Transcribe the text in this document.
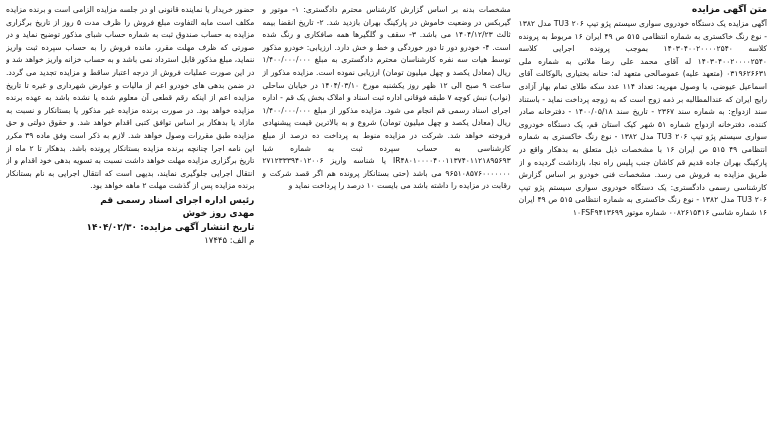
متن آگهی مزایده

آگهی مزایده یک دستگاه خودروی سواری سیستم پژو تیپ TU3 ۲۰۶ مدل ۱۳۸۲ - نوع رنگ خاکستری به شماره انتظامی ۵۱۵ ص ۴۹ ایران ۱۶ مربوط به پرونده کلاسه ۱۴۰۳۰۴۰۰۲۰۰۰۰۲۵۴۰ بموجب پرونده اجرایی کلاسه ۱۴۰۳۰۴۰۰۲۰۰۰۰۲۵۴۰ له آقای محمد علی رضا ملاتی به شماره ملی ۰۳۱۹۶۲۶۶۳۱ (متعهد علیه) عموصالحی متعهد له: حنانه بختیاری بالوکالت آقای اسماعیل عیوضی، با وصول مهریه: تعداد ۱۱۴ عدد سکه طلای تمام بهار آزادی رایج ایران که عندالمطالبه بر ذمه زوج است که به زوجه پرداخت نماید - باستناد سند ازدواج: به شماره سند ۲۳۶۷ - تاریخ سند ۱۴۰۰/۰۵/۱۸ - دفترخانه صادر کننده، دفترخانه ازدواج شماره ۵۱ شهر کیک استان قم، یک دستگاه خودروی سواری سیستم پژو تیپ TU3 ۲۰۶ مدل ۱۳۸۲ - نوع رنگ خاکستری به شماره انتظامی ۴۹ ۵۱۵ ص ایران ۱۶ با مشخصات ذیل متعلق به بدهکار واقع در پارکینگ بهران جاده قدیم قم کاشان جنب پلیس راه نجا، بازداشت گردیده و از طریق مزایده به فروش می رسد. مشخصات فنی خودرو بر اساس گزارش کارشناسی رسمی دادگستری: یک دستگاه خودروی سواری سیستم پژو تیپ TU3 ۲۰۶ مدل ۱۳۸۲ - نوع رنگ خاکستری به شماره انتظامی ۵۱۵ ص ۴۹ ایران ۱۶ شماره شاسی ۰۰۸۲۶۱۵۴۱۶ شماره موتور ۱۰FSF۹۴۱۳۶۹۹

مشخصات بدنه بر اساس گزارش کارشناس محترم دادگستری: ۱- موتور و گیربکس در وضعیت خاموش در پارکینگ بهران بازدید شد. ۲- تاریخ انقضا بیمه ثالث ۱۴۰۴/۱۲/۲۳ می باشد. ۳- سقف و گلگیرها همه صافکاری و رنگ شده است. ۴- خودرو دور تا دور خوردگی و خط و خش دارد. ارزیابی: خودرو مذکور توسط هیات سه نفره کارشناسان محترم دادگستری به مبلغ ۱/۴۰۰/۰۰۰/۰۰۰ ریال (معادل یکصد و چهل میلیون تومان) ارزیابی نموده است. مزایده مذکور از ساعت ۹ صبح الی ۱۲ ظهر روز یکشنبه مورخ ۱۴۰۴/۰۳/۱۰ در خیابان ساحلی (نواب) نبش کوچه ۷ طبقه فوقانی اداره ثبت اسناد و املاک بخش یک قم - اداره اجرای اسناد رسمی قم انجام می شود. مزایده مذکور از مبلغ ۱/۴۰۰/۰۰۰/۰۰۰ ریال (معادل یکصد و چهل میلیون تومان) شروع و به بالاترین قیمت پیشنهادی فروخته خواهد شد. شرکت در مزایده منوط به پرداخت ده درصد از مبلغ کارشناسی به حساب سپرده ثبت به شماره شبا IR۴۸۰۱۰۰۰۰۴۰۰۱۱۳۷۴۰۱۱۲۱۸۹۵۶۹۳ یا شناسه واریز ۲۷۱۲۳۳۳۹۴۰۱۲۰۰۶ ۹۶۵۱۰۸۵۷۶۰۰۰۰۰۰۰ می باشد (حتی بستانکار پرونده هم اگر قصد شرکت و رقابت در مزایده را داشته باشد می بایست ۱۰ درصد را پرداخت نماید و

حضور خریدار یا نماینده قانونی او در جلسه مزایده الزامی است و برنده مزایده مکلف است مابه التفاوت مبلغ فروش را ظرف مدت ۵ روز از تاریخ برگزاری مزایده به حساب صندوق ثبت به شماره حساب شبای مذکور توضیح نماید و در صورتی که ظرف مهلت مقرر، مانده فروش را به حساب سپرده ثبت واریز ننماید، مبلغ مذکور قابل استرداد نمی باشد و به حساب خزانه واریز خواهد شد و در این صورت عملیات فروش از درجه اعتبار ساقط و مزایده تجدید می گردد. در ضمن بدهی های خودرو اعم از مالیات و عوارض شهرداری و غیره تا تاریخ مزایده اعم از اینکه رقم قطعی آن معلوم شده یا نشده باشد به عهده برنده مزایده خواهد بود. در صورت برنده مزایده غیر مذکور یا بستانکار و نسبت به مازاد یا بدهکار بر اساس توافق کتبی اقدام خواهد شد. و حقوق دولتی و حق مزایده طبق مقررات وصول خواهد شد. لازم به ذکر است وفق ماده ۳۹ مکرر این نامه اجرا چنانچه برنده مزایده بستانکار پرونده باشد. بدهکار تا ۲ ماه از تاریخ برگزاری مزایده مهلت خواهد داشت نسبت به تسویه بدهی خود اقدام و از انتقال اجرایی جلوگیری نمایند، بدیهی است که انتقال اجرایی به نام بستانکار برنده مزایده پس از گذشت مهلت ۲ ماهه خواهد بود.

رئیس اداره اجرای اسناد رسمی قم
مهدی روز خوش
تاریخ انتشار آگهی مزایده: ۱۴۰۴/۰۲/۳۰
م الف: ۱۷۴۴۵
